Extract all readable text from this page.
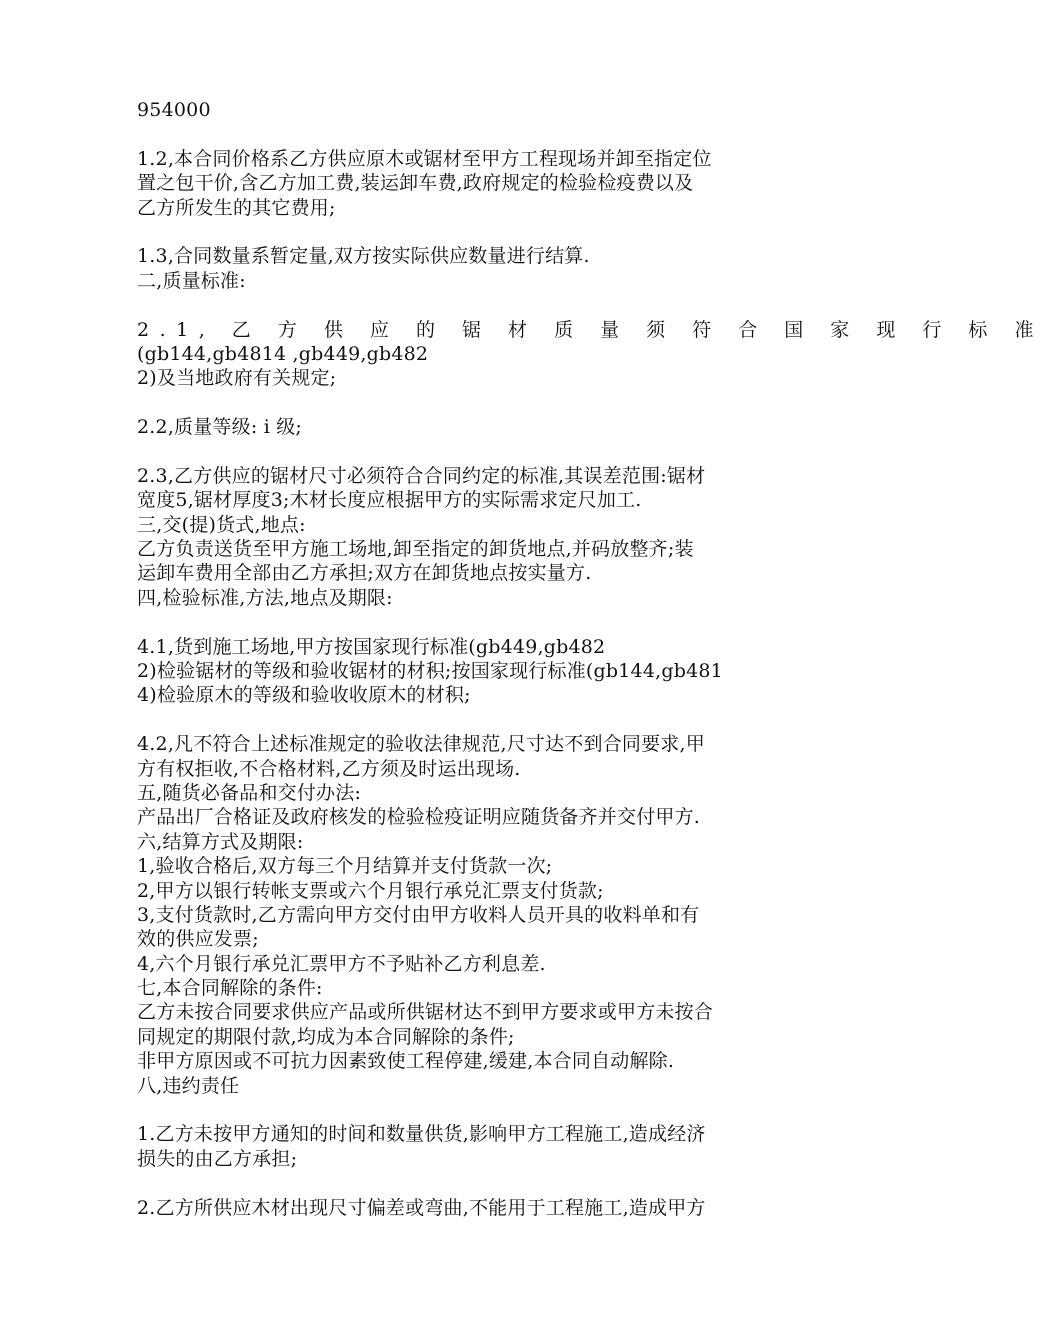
954000
1.2,本合同价格系乙方供应原木或锯材至甲方工程现场并卸至指定位
置之包干价,含乙方加工费,装运卸车费,政府规定的检验检疫费以及
乙方所发生的其它费用;
1.3,合同数量系暂定量,双方按实际供应数量进行结算.
二,质量标准:
2.1, 乙 方 供 应 的 锯 材 质 量 须 符 合 国 家 现 行 标 准
(gb144,gb4814 ,gb449,gb482
2)及当地政府有关规定;
2.2,质量等级: i 级;
2.3,乙方供应的锯材尺寸必须符合合同约定的标准,其误差范围:锯材
宽度5,锯材厚度3;木材长度应根据甲方的实际需求定尺加工.
三,交(提)货式,地点:
乙方负责送货至甲方施工场地,卸至指定的卸货地点,并码放整齐;装
运卸车费用全部由乙方承担;双方在卸货地点按实量方.
四,检验标准,方法,地点及期限:
4.1,货到施工场地,甲方按国家现行标准(gb449,gb482
2)检验锯材的等级和验收锯材的材积;按国家现行标准(gb144,gb481
4)检验原木的等级和验收收原木的材积;
4.2,凡不符合上述标准规定的验收法律规范,尺寸达不到合同要求,甲
方有权拒收,不合格材料,乙方须及时运出现场.
五,随货必备品和交付办法:
产品出厂合格证及政府核发的检验检疫证明应随货备齐并交付甲方.
六,结算方式及期限:
1,验收合格后,双方每三个月结算并支付货款一次;
2,甲方以银行转帐支票或六个月银行承兑汇票支付货款;
3,支付货款时,乙方需向甲方交付由甲方收料人员开具的收料单和有
效的供应发票;
4,六个月银行承兑汇票甲方不予贴补乙方利息差.
七,本合同解除的条件:
乙方未按合同要求供应产品或所供锯材达不到甲方要求或甲方未按合
同规定的期限付款,均成为本合同解除的条件;
非甲方原因或不可抗力因素致使工程停建,缓建,本合同自动解除.
八,违约责任
1.乙方未按甲方通知的时间和数量供货,影响甲方工程施工,造成经济
损失的由乙方承担;
2.乙方所供应木材出现尺寸偏差或弯曲,不能用于工程施工,造成甲方
